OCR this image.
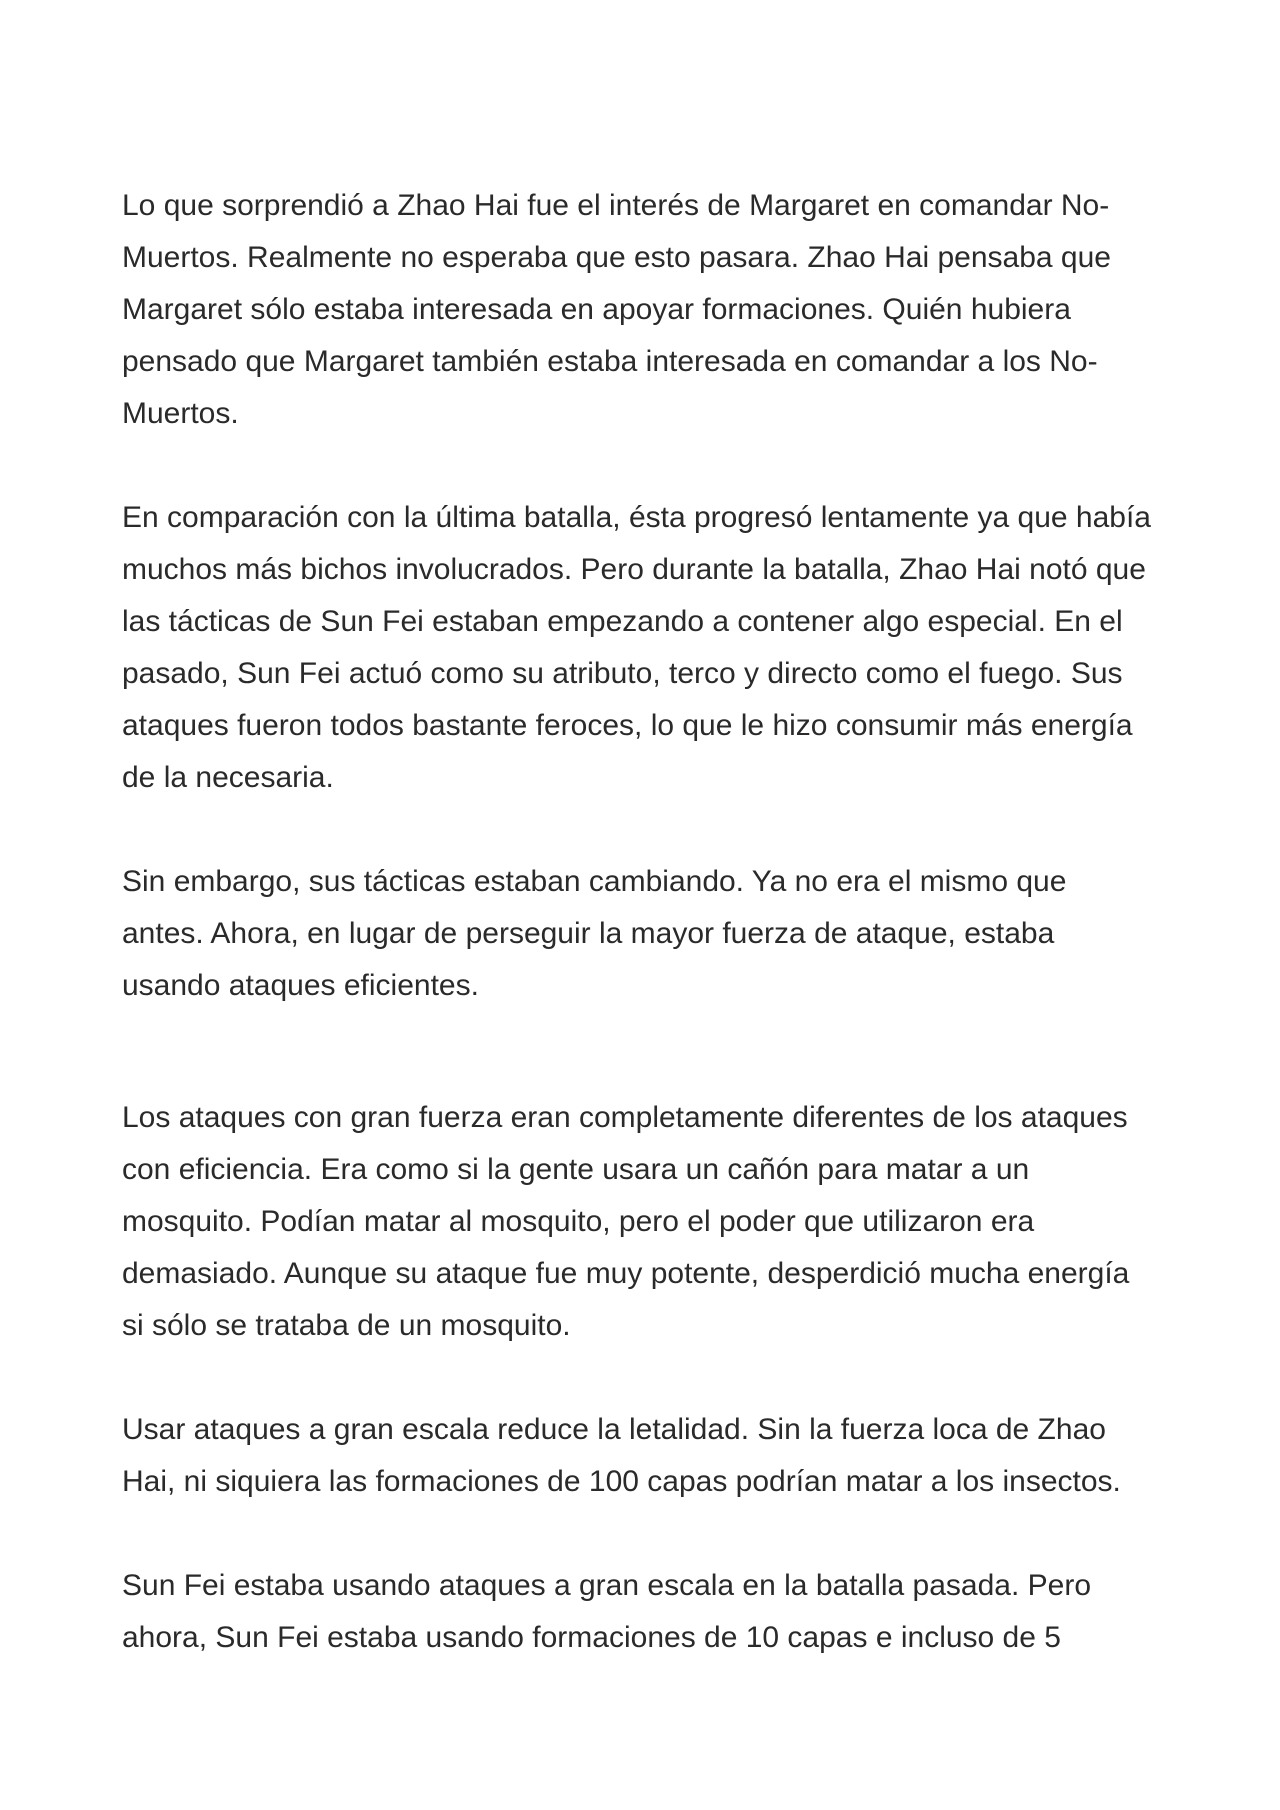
Lo que sorprendió a Zhao Hai fue el interés de Margaret en comandar No-
Muertos. Realmente no esperaba que esto pasara. Zhao Hai pensaba que
Margaret sólo estaba interesada en apoyar formaciones. Quién hubiera
pensado que Margaret también estaba interesada en comandar a los No-
Muertos.

En comparación con la última batalla, ésta progresó lentamente ya que había
muchos más bichos involucrados. Pero durante la batalla, Zhao Hai notó que
las tácticas de Sun Fei estaban empezando a contener algo especial. En el
pasado, Sun Fei actuó como su atributo, terco y directo como el fuego. Sus
ataques fueron todos bastante feroces, lo que le hizo consumir más energía
de la necesaria.

Sin embargo, sus tácticas estaban cambiando. Ya no era el mismo que
antes. Ahora, en lugar de perseguir la mayor fuerza de ataque, estaba
usando ataques eficientes.

Los ataques con gran fuerza eran completamente diferentes de los ataques
con eficiencia. Era como si la gente usara un cañón para matar a un
mosquito. Podían matar al mosquito, pero el poder que utilizaron era
demasiado. Aunque su ataque fue muy potente, desperdició mucha energía
si sólo se trataba de un mosquito.

Usar ataques a gran escala reduce la letalidad. Sin la fuerza loca de Zhao
Hai, ni siquiera las formaciones de 100 capas podrían matar a los insectos.

Sun Fei estaba usando ataques a gran escala en la batalla pasada. Pero
ahora, Sun Fei estaba usando formaciones de 10 capas e incluso de 5
